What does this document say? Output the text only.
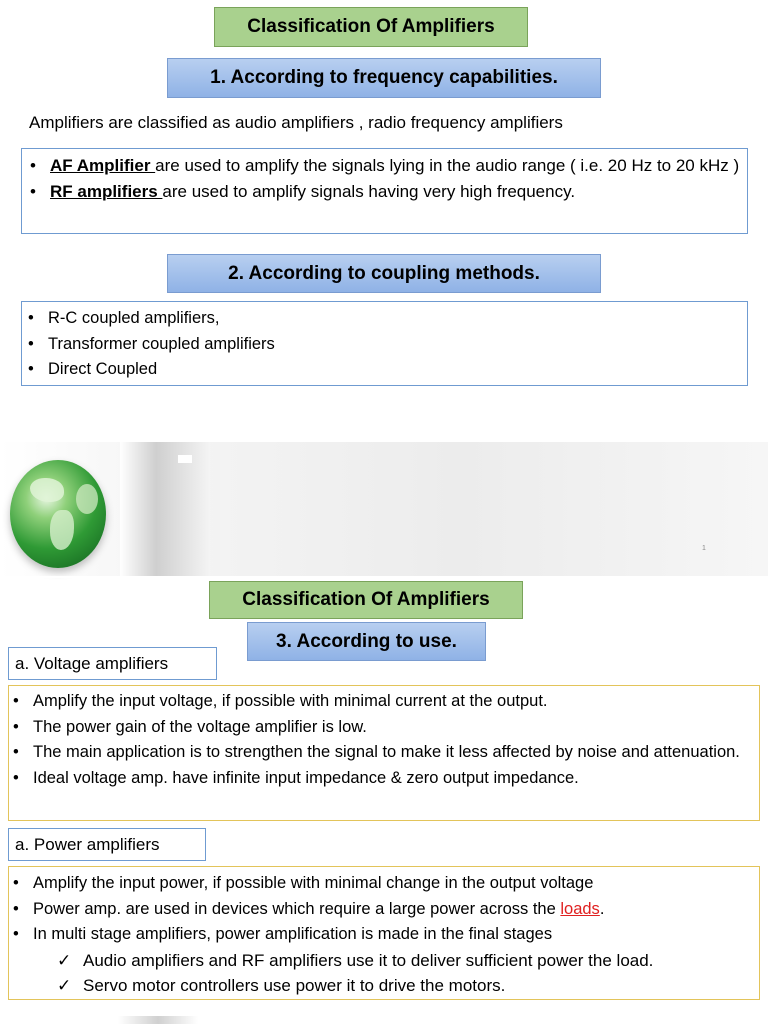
Classification Of Amplifiers
1. According to frequency capabilities.
Amplifiers are classified as audio amplifiers , radio frequency amplifiers
• AF Amplifier are used to amplify the signals lying in the audio range ( i.e. 20 Hz to 20 kHz )
• RF amplifiers are used to amplify signals having very high frequency.
2. According to coupling methods.
• R-C coupled amplifiers,
• Transformer coupled amplifiers
• Direct Coupled
1
Classification Of Amplifiers
3. According to use.
a. Voltage amplifiers
• Amplify the input voltage, if possible with minimal current at the output.
• The power gain of the voltage amplifier is low.
• The main application is to strengthen the signal to make it less affected by noise and attenuation.
• Ideal voltage amp. have infinite input impedance & zero output impedance.
a. Power amplifiers
• Amplify the input power, if possible with minimal change in the output voltage
• Power amp. are used in devices which require a large power across the loads.
• In multi stage amplifiers, power amplification is made in the final stages
✓ Audio amplifiers and RF amplifiers use it to deliver sufficient power the load.
✓ Servo motor controllers use power it to drive the motors.
